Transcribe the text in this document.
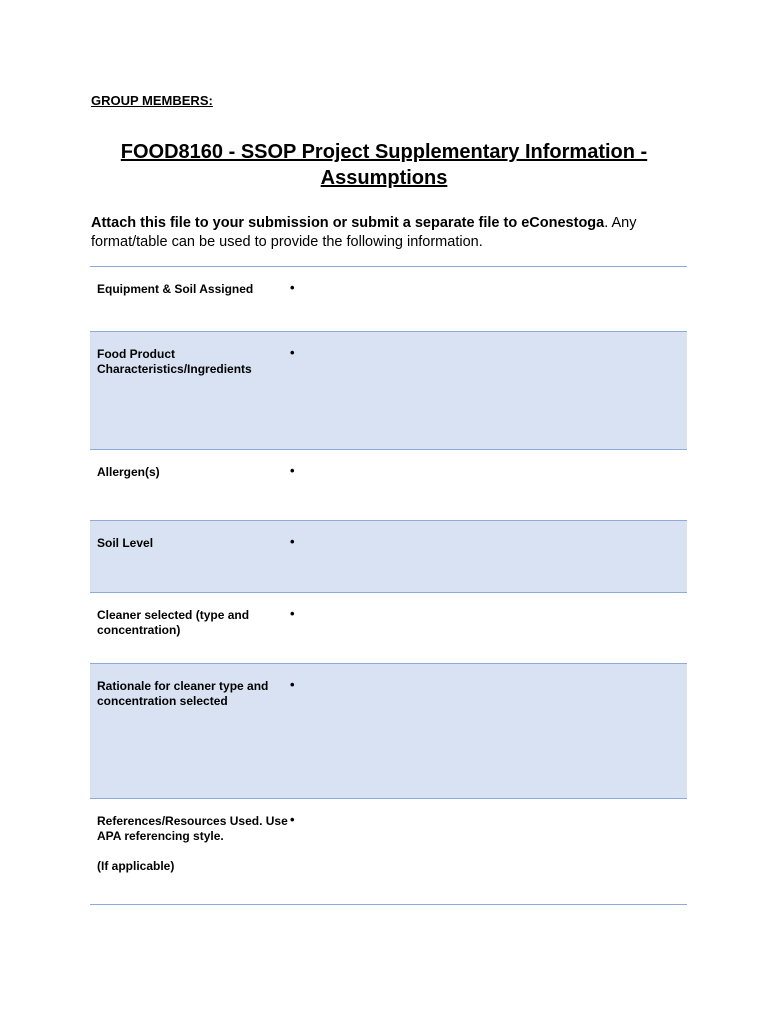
GROUP MEMBERS:
FOOD8160 - SSOP Project Supplementary Information - Assumptions
Attach this file to your submission or submit a separate file to eConestoga. Any format/table can be used to provide the following information.
Equipment & Soil Assigned	•
Food Product Characteristics/Ingredients	•
Allergen(s)	•
Soil Level	•
Cleaner selected (type and concentration)	•
Rationale for cleaner type and concentration selected	•
References/Resources Used. Use APA referencing style.
(If applicable)	•
